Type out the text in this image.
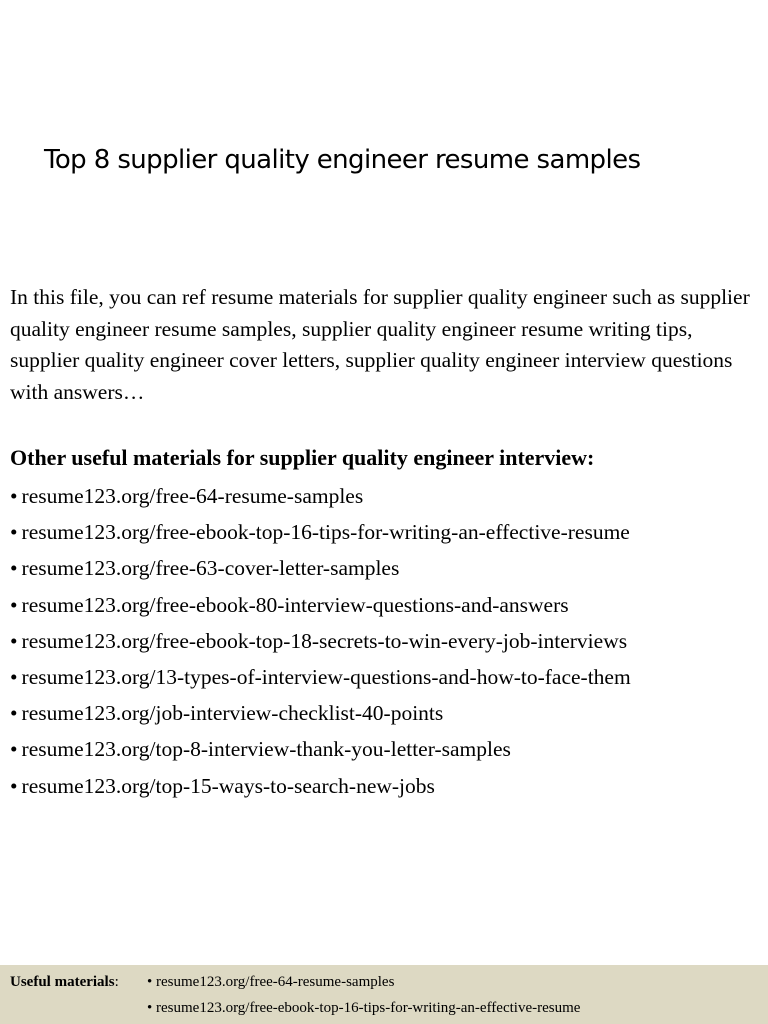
Top 8 supplier quality engineer resume samples

In this file, you can ref resume materials for supplier quality engineer such as supplier quality engineer resume samples, supplier quality engineer resume writing tips, supplier quality engineer cover letters, supplier quality engineer interview questions with answers…

Other useful materials for supplier quality engineer interview:

• resume123.org/free-64-resume-samples
• resume123.org/free-ebook-top-16-tips-for-writing-an-effective-resume
• resume123.org/free-63-cover-letter-samples
• resume123.org/free-ebook-80-interview-questions-and-answers
• resume123.org/free-ebook-top-18-secrets-to-win-every-job-interviews
• resume123.org/13-types-of-interview-questions-and-how-to-face-them
• resume123.org/job-interview-checklist-40-points
• resume123.org/top-8-interview-thank-you-letter-samples
• resume123.org/top-15-ways-to-search-new-jobs
Useful materials: • resume123.org/free-64-resume-samples
• resume123.org/free-ebook-top-16-tips-for-writing-an-effective-resume
